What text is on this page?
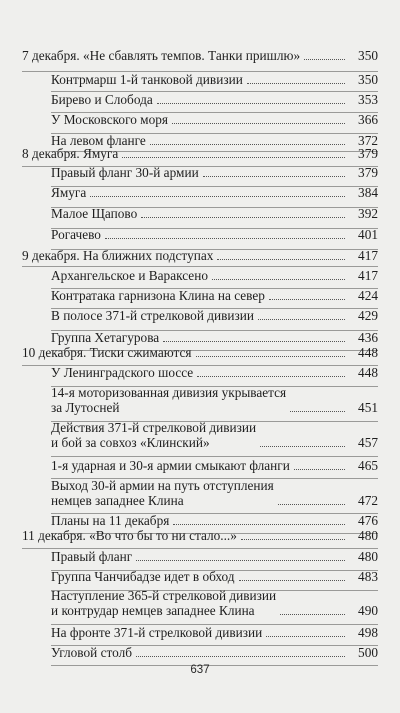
7 декабря. «Не сбавлять темпов. Танки пришлю»	350
Контрмарш 1-й танковой дивизии	350
Бирево и Слобода	353
У Московского моря	366
На левом фланге	372
8 декабря. Ямуга	379
Правый фланг 30-й армии	379
Ямуга	384
Малое Щапово	392
Рогачево	401
9 декабря. На ближних подступах	417
Архангельское и Вараксено	417
Контратака гарнизона Клина на север	424
В полосе 371-й стрелковой дивизии	429
Группа Хетагурова	436
10 декабря. Тиски сжимаются	448
У Ленинградского шоссе	448
14-я моторизованная дивизия укрывается
за Лутосней	451
Действия 371-й стрелковой дивизии
и бой за совхоз «Клинский»	457
1-я ударная и 30-я армии смыкают фланги	465
Выход 30-й армии на путь отступления
немцев западнее Клина	472
Планы на 11 декабря	476
11 декабря. «Во что бы то ни стало...»	480
Правый фланг	480
Группа Чанчибадзе идет в обход	483
Наступление 365-й стрелковой дивизии
и контрудар немцев западнее Клина	490
На фронте 371-й стрелковой дивизии	498
Угловой столб	500
637
